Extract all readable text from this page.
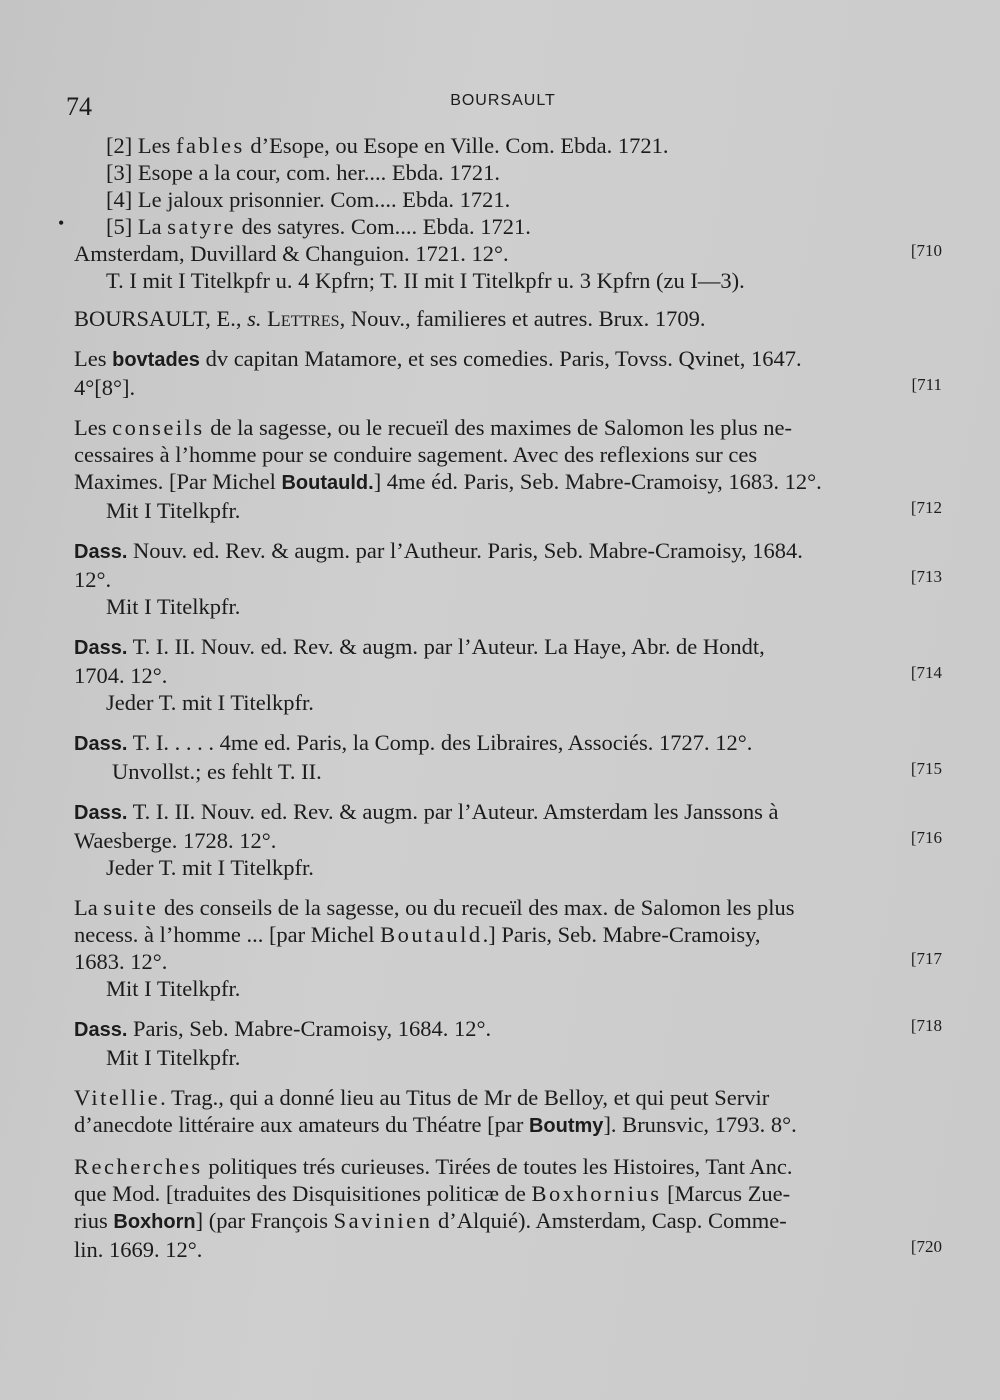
74	BOURSAULT
•
[2] Les fables d’Esope, ou Esope en Ville. Com. Ebda. 1721.
[3] Esope a la cour, com. her.... Ebda. 1721.
[4] Le jaloux prisonnier. Com.... Ebda. 1721.
[5] La satyre des satyres. Com.... Ebda. 1721.
Amsterdam, Duvillard & Changuion. 1721. 12°.	[710
T. I mit I Titelkpfr u. 4 Kpfrn; T. II mit I Titelkpfr u. 3 Kpfrn (zu I—3).
BOURSAULT, E., s. Lettres, Nouv., familieres et autres. Brux. 1709.
Les bovtades dv capitan Matamore, et ses comedies. Paris, Tovss. Qvinet, 1647.
4°[8°].	[711
Les conseils de la sagesse, ou le recueïl des maximes de Salomon les plus ne-
cessaires à l’homme pour se conduire sagement. Avec des reflexions sur ces
Maximes. [Par Michel Boutauld.] 4me éd. Paris, Seb. Mabre-Cramoisy, 1683. 12°.
Mit I Titelkpfr.	[712
Dass. Nouv. ed. Rev. & augm. par l’Autheur. Paris, Seb. Mabre-Cramoisy, 1684.
12°.	[713
Mit I Titelkpfr.
Dass. T. I. II. Nouv. ed. Rev. & augm. par l’Auteur. La Haye, Abr. de Hondt,
1704. 12°.	[714
Jeder T. mit I Titelkpfr.
Dass. T. I. . . . . 4me ed. Paris, la Comp. des Libraires, Associés. 1727. 12°.
Unvollst.; es fehlt T. II.	[715
Dass. T. I. II. Nouv. ed. Rev. & augm. par l’Auteur. Amsterdam les Janssons à
Waesberge. 1728. 12°.	[716
Jeder T. mit I Titelkpfr.
La suite des conseils de la sagesse, ou du recueïl des max. de Salomon les plus
necess. à l’homme ... [par Michel Boutauld.] Paris, Seb. Mabre-Cramoisy,
1683. 12°.	[717
Mit I Titelkpfr.
Dass. Paris, Seb. Mabre-Cramoisy, 1684. 12°.	[718
Mit I Titelkpfr.
Vitellie. Trag., qui a donné lieu au Titus de Mr de Belloy, et qui peut Servir
d’anecdote littéraire aux amateurs du Théatre [par Boutmy]. Brunsvic, 1793. 8°.
Recherches politiques trés curieuses. Tirées de toutes les Histoires, Tant Anc.
que Mod. [traduites des Disquisitiones politicæ de Boxhornius [Marcus Zue-
rius Boxhorn] (par François Savinien d’Alquié). Amsterdam, Casp. Comme-
lin. 1669. 12°.	[720
